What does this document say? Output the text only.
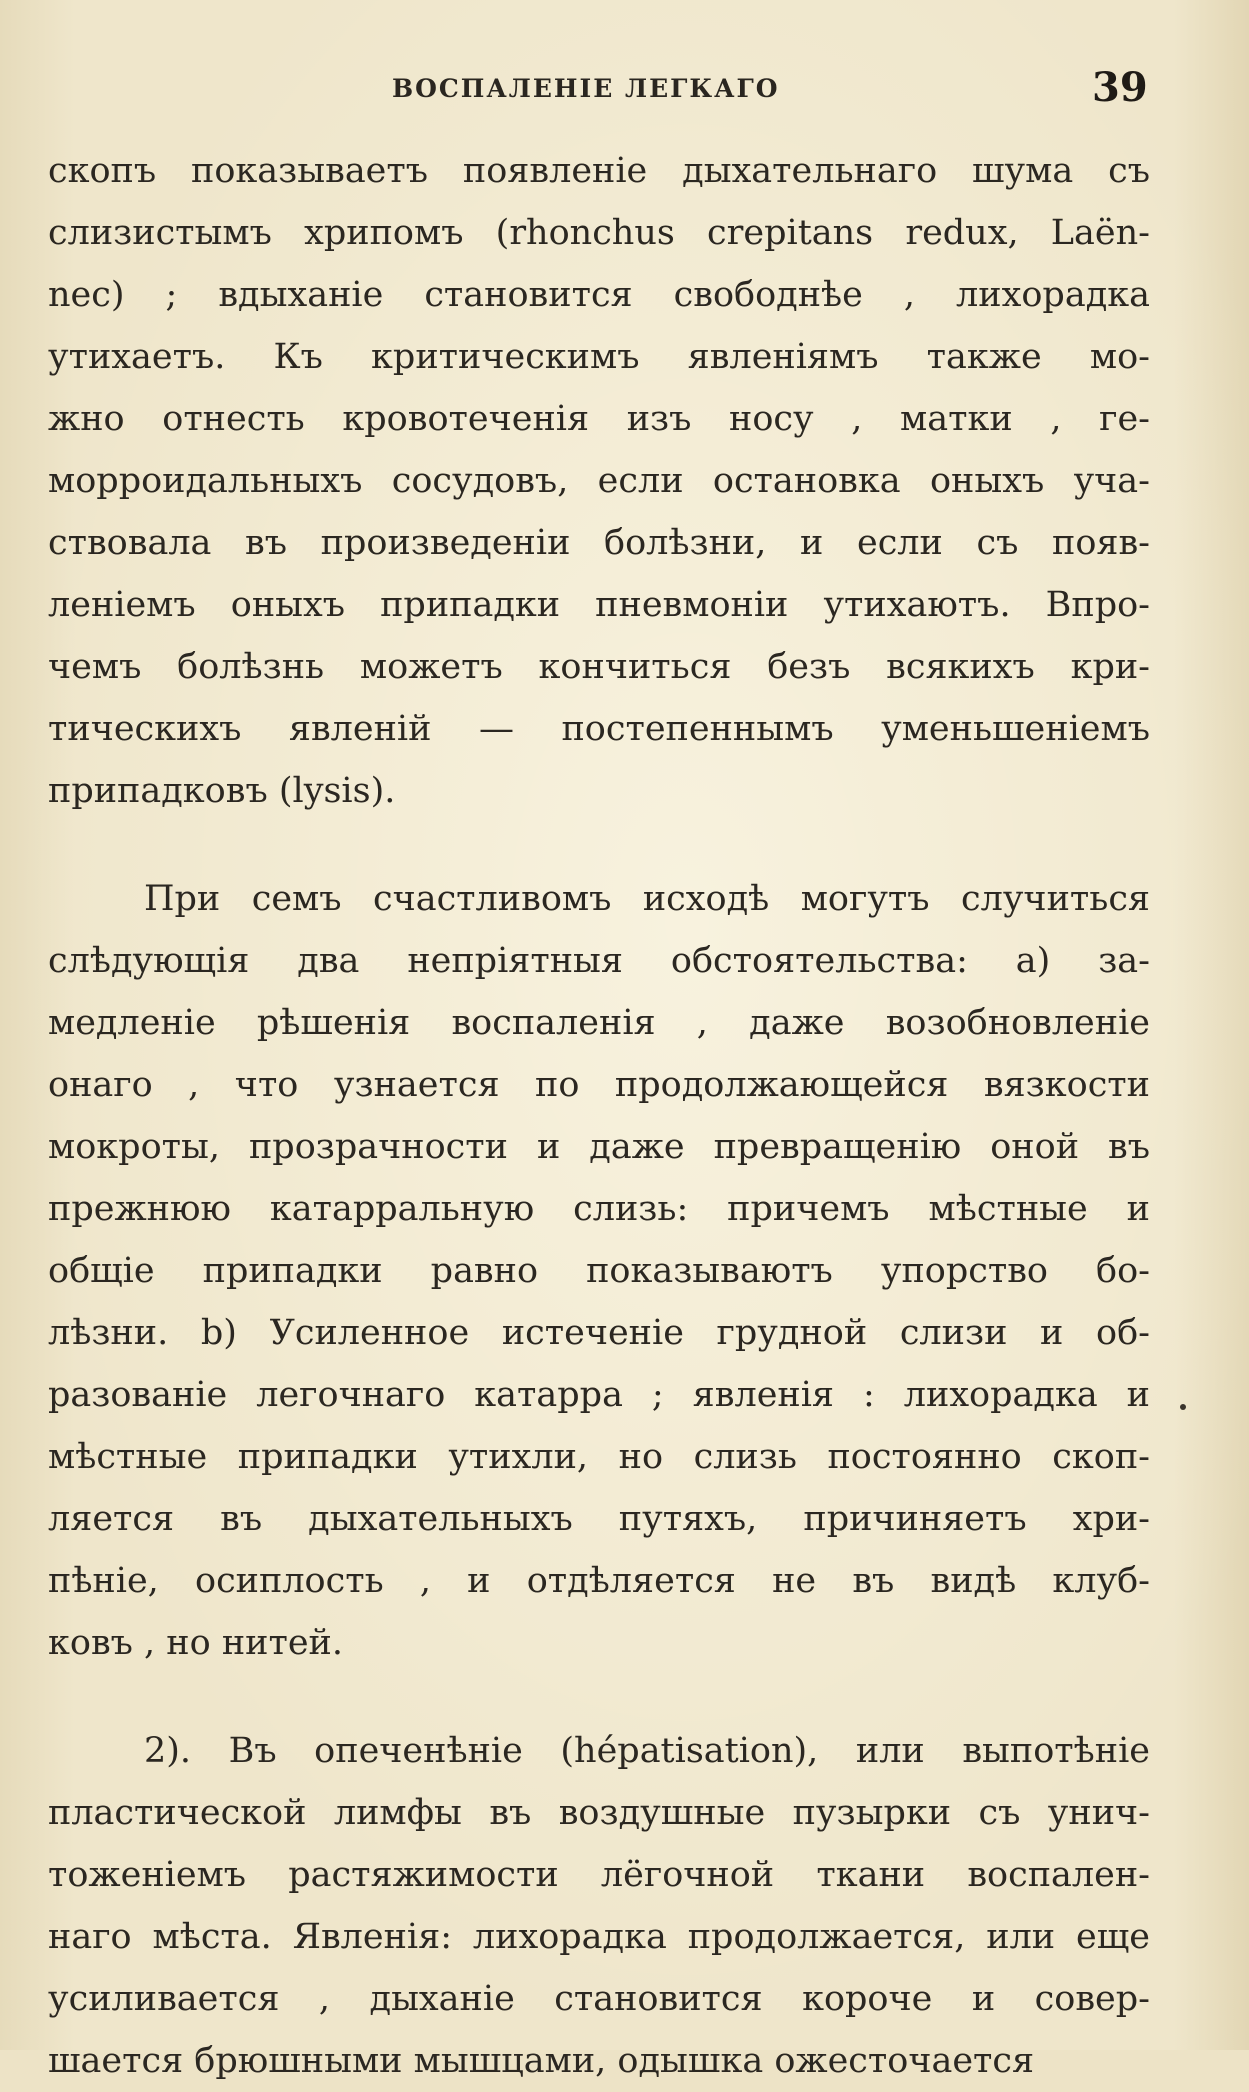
ВОСПАЛЕНІЕ ЛЕГКАГО	39

скопъ показываетъ появленіе дыхательнаго шума съ
слизистымъ хрипомъ (rhonchus crepitans redux, Laën-
nec) ; вдыханіе становится свободнѣе , лихорадка
утихаетъ. Къ критическимъ явленіямъ также мо-
жно отнесть кровотеченія изъ носу , матки , ге-
морроидальныхъ сосудовъ, если остановка оныхъ уча-
ствовала въ произведеніи болѣзни, и если съ появ-
леніемъ оныхъ припадки пневмоніи утихаютъ. Впро-
чемъ болѣзнь можетъ кончиться безъ всякихъ кри-
тическихъ явленій — постепеннымъ уменьшеніемъ
припадковъ (lysis).

При семъ счастливомъ исходѣ могутъ случиться
слѣдующія два непріятныя обстоятельства: a) за-
медленіе рѣшенія воспаленія , даже возобновленіе
онаго , что узнается по продолжающейся вязкости
мокроты, прозрачности и даже превращенію оной въ
прежнюю катарральную слизь: причемъ мѣстные и
общіе припадки равно показываютъ упорство бо-
лѣзни. b) Усиленное истеченіе грудной слизи и об-
разованіе легочнаго катарра ; явленія : лихорадка и
мѣстные припадки утихли, но слизь постоянно скоп-
ляется въ дыхательныхъ путяхъ, причиняетъ хри-
пѣніе, осиплость , и отдѣляется не въ видѣ клуб-
ковъ , но нитей.

2). Въ опеченѣніе (hépatisation), или выпотѣніе
пластической лимфы въ воздушные пузырки съ унич-
тоженіемъ растяжимости лёгочной ткани воспален-
наго мѣста. Явленія: лихорадка продолжается, или еще
усиливается , дыханіе становится короче и совер-
шается брюшными мышцами, одышка ожесточается
